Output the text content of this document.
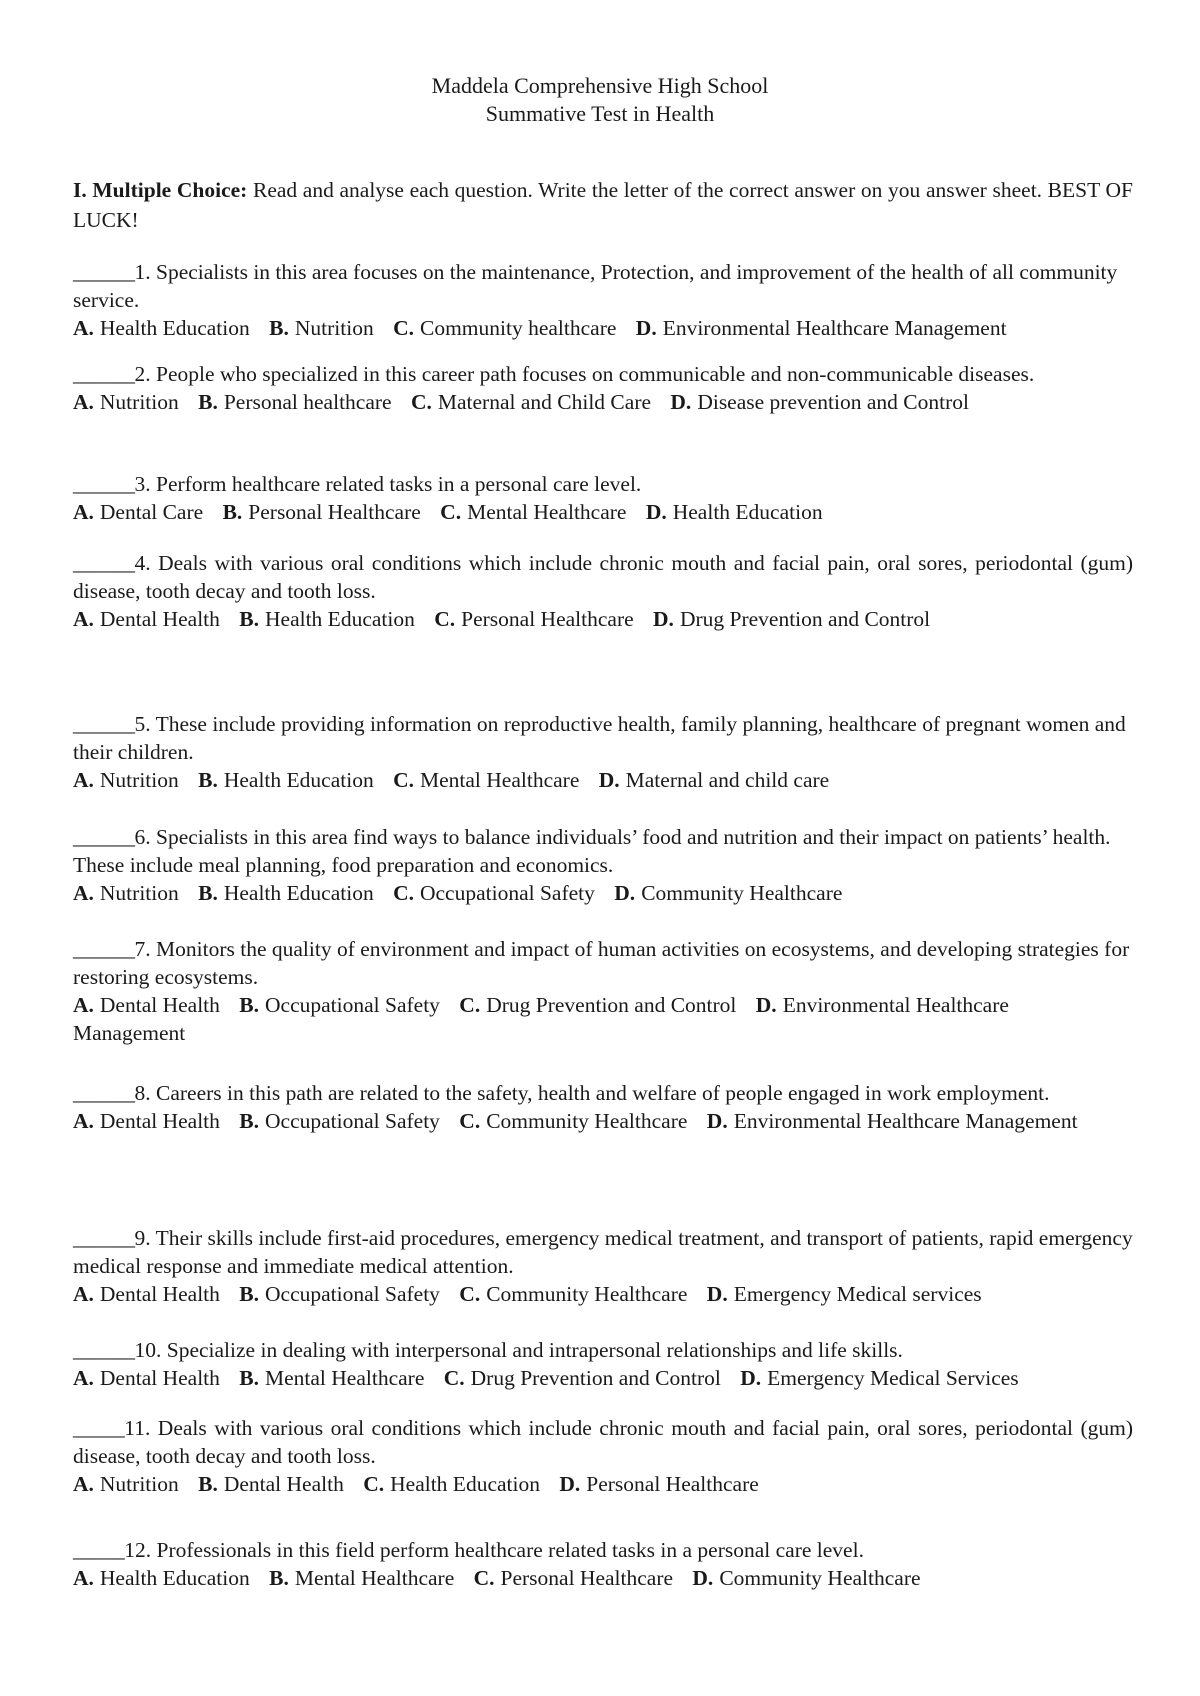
Maddela Comprehensive High School
Summative Test in Health
I. Multiple Choice: Read and analyse each question. Write the letter of the correct answer on you answer sheet. BEST OF LUCK!

______1. Specialists in this area focuses on the maintenance, Protection, and improvement of the health of all community service.

A. Health Education B. Nutrition C. Community healthcare D. Environmental Healthcare Management

______2. People who specialized in this career path focuses on communicable and non-communicable diseases.

A. Nutrition B. Personal healthcare C. Maternal and Child Care D. Disease prevention and Control

______3. Perform healthcare related tasks in a personal care level.

A. Dental Care B. Personal Healthcare C. Mental Healthcare D. Health Education

______4. Deals with various oral conditions which include chronic mouth and facial pain, oral sores, periodontal (gum) disease, tooth decay and tooth loss.

A. Dental Health B. Health Education C. Personal Healthcare D. Drug Prevention and Control

______5. These include providing information on reproductive health, family planning, healthcare of pregnant women and their children.

A. Nutrition B. Health Education C. Mental Healthcare D. Maternal and child care

______6. Specialists in this area find ways to balance individuals’ food and nutrition and their impact on patients’ health. These include meal planning, food preparation and economics.

A. Nutrition B. Health Education C. Occupational Safety D. Community Healthcare

______7. Monitors the quality of environment and impact of human activities on ecosystems, and developing strategies for restoring ecosystems.

A. Dental Health B. Occupational Safety C. Drug Prevention and Control D. Environmental Healthcare Management

______8. Careers in this path are related to the safety, health and welfare of people engaged in work employment.

A. Dental Health B. Occupational Safety C. Community Healthcare D. Environmental Healthcare Management

______9. Their skills include first-aid procedures, emergency medical treatment, and transport of patients, rapid emergency medical response and immediate medical attention.

A. Dental Health B. Occupational Safety C. Community Healthcare D. Emergency Medical services

______10. Specialize in dealing with interpersonal and intrapersonal relationships and life skills.

A. Dental Health B. Mental Healthcare C. Drug Prevention and Control D. Emergency Medical Services

_____11. Deals with various oral conditions which include chronic mouth and facial pain, oral sores, periodontal (gum) disease, tooth decay and tooth loss.

A. Nutrition B. Dental Health C. Health Education D. Personal Healthcare

_____12. Professionals in this field perform healthcare related tasks in a personal care level.

A. Health Education B. Mental Healthcare C. Personal Healthcare D. Community Healthcare
